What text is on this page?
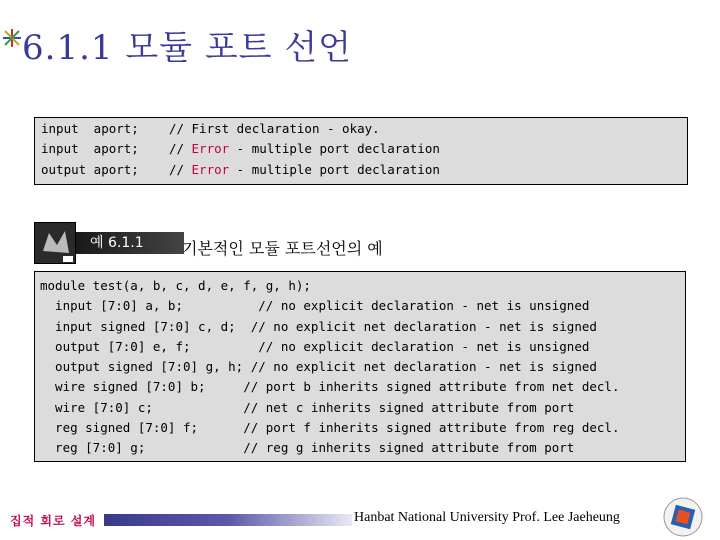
6.1.1 모듈 포트 선언
input  aport;    // First declaration - okay.
input  aport;    // Error - multiple port declaration
output aport;    // Error - multiple port declaration
예 6.1.1	기본적인 모듈 포트선언의 예
module test(a, b, c, d, e, f, g, h);
input [7:0] a, b;          // no explicit declaration - net is unsigned
input signed [7:0] c, d;  // no explicit net declaration - net is signed
output [7:0] e, f;         // no explicit declaration - net is unsigned
output signed [7:0] g, h; // no explicit net declaration - net is signed
wire signed [7:0] b;     // port b inherits signed attribute from net decl.
wire [7:0] c;            // net c inherits signed attribute from port
reg signed [7:0] f;      // port f inherits signed attribute from reg decl.
reg [7:0] g;             // reg g inherits signed attribute from port
집적 회로 설계	Hanbat National University Prof. Lee Jaeheung
